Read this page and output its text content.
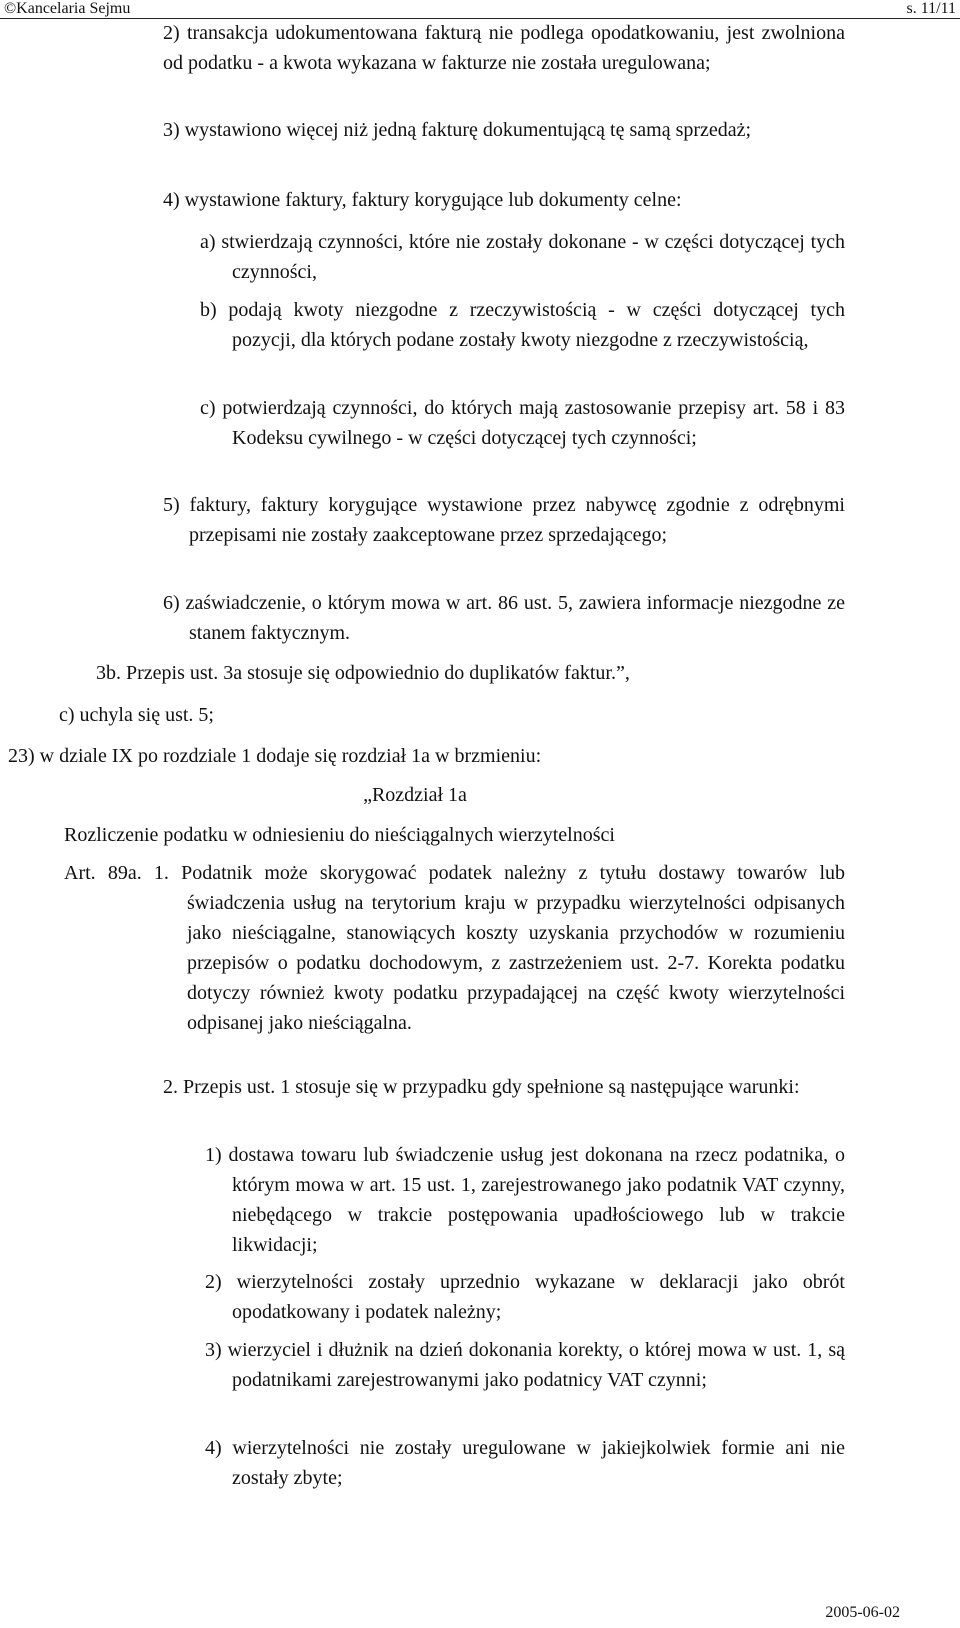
©Kancelaria Sejmu	s. 11/11

2) transakcja udokumentowana fakturą nie podlega opodatkowaniu, jest zwolniona od podatku - a kwota wykazana w fakturze nie została uregulowana;

3) wystawiono więcej niż jedną fakturę dokumentującą tę samą sprzedaż;

4) wystawione faktury, faktury korygujące lub dokumenty celne:

a) stwierdzają czynności, które nie zostały dokonane - w części dotyczącej tych czynności,

b) podają kwoty niezgodne z rzeczywistością - w części dotyczącej tych pozycji, dla których podane zostały kwoty niezgodne z rzeczywistością,

c) potwierdzają czynności, do których mają zastosowanie przepisy art. 58 i 83 Kodeksu cywilnego - w części dotyczącej tych czynności;

5) faktury, faktury korygujące wystawione przez nabywcę zgodnie z odrębnymi przepisami nie zostały zaakceptowane przez sprzedającego;

6) zaświadczenie, o którym mowa w art. 86 ust. 5, zawiera informacje niezgodne ze stanem faktycznym.

3b. Przepis ust. 3a stosuje się odpowiednio do duplikatów faktur.”,

c) uchyla się ust. 5;

23) w dziale IX po rozdziale 1 dodaje się rozdział 1a w brzmieniu:

„Rozdział 1a

Rozliczenie podatku w odniesieniu do nieściągalnych wierzytelności

Art. 89a. 1. Podatnik może skorygować podatek należny z tytułu dostawy towarów lub świadczenia usług na terytorium kraju w przypadku wierzytelności odpisanych jako nieściągalne, stanowiących koszty uzyskania przychodów w rozumieniu przepisów o podatku dochodowym, z zastrzeżeniem ust. 2-7. Korekta podatku dotyczy również kwoty podatku przypadającej na część kwoty wierzytelności odpisanej jako nieściągalna.

2. Przepis ust. 1 stosuje się w przypadku gdy spełnione są następujące warunki:

1) dostawa towaru lub świadczenie usług jest dokonana na rzecz podatnika, o którym mowa w art. 15 ust. 1, zarejestrowanego jako podatnik VAT czynny, niebędącego w trakcie postępowania upadłościowego lub w trakcie likwidacji;

2) wierzytelności zostały uprzednio wykazane w deklaracji jako obrót opodatkowany i podatek należny;

3) wierzyciel i dłużnik na dzień dokonania korekty, o której mowa w ust. 1, są podatnikami zarejestrowanymi jako podatnicy VAT czynni;

4) wierzytelności nie zostały uregulowane w jakiejkolwiek formie ani nie zostały zbyte;

2005-06-02
